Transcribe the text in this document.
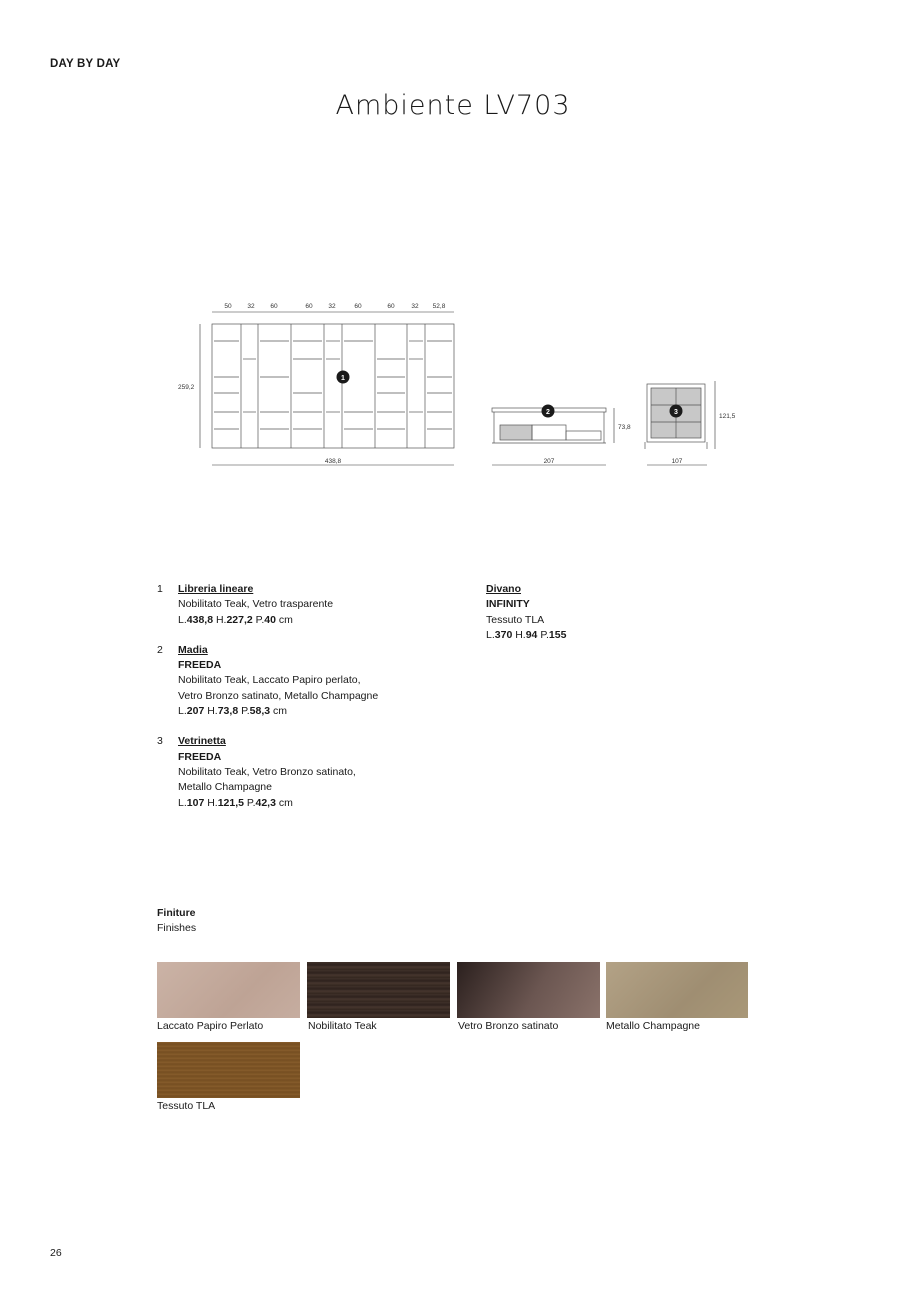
DAY BY DAY
Ambiente LV703
50 32 60	60 32	60	60	32 52,8
259,2
1
438,8
2
73,8
207
3
121,5
107
1 Libreria lineare
Nobilitato Teak, Vetro trasparente
L.438,8 H.227,2 P.40 cm
2 Madia
FREEDA
Nobilitato Teak, Laccato Papiro perlato,
Vetro Bronzo satinato, Metallo Champagne
L.207 H.73,8 P.58,3 cm
3 Vetrinetta
FREEDA
Nobilitato Teak, Vetro Bronzo satinato,
Metallo Champagne
L.107 H.121,5 P.42,3 cm
Divano
INFINITY
Tessuto TLA
L.370 H.94 P.155
Finiture
Finishes
Laccato Papiro Perlato	Nobilitato Teak	Vetro Bronzo satinato	Metallo Champagne
Tessuto TLA
26
